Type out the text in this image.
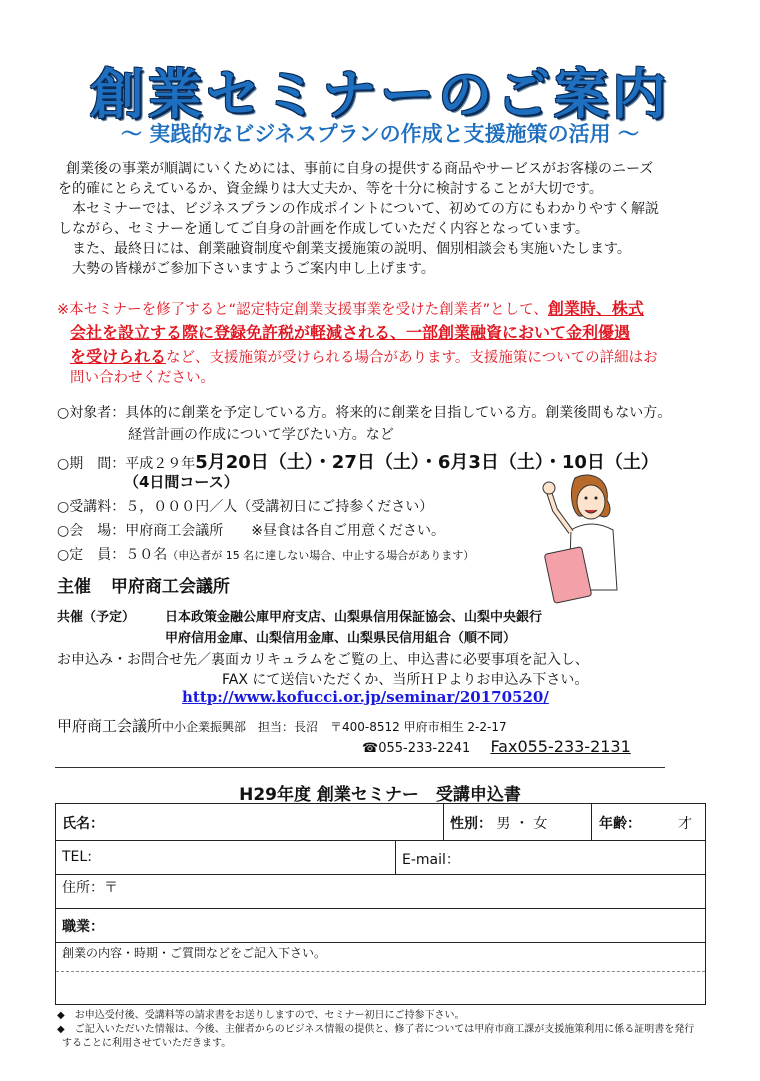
創業セミナーのご案内
～ 実践的なビジネスプランの作成と支援施策の活用 ～
創業後の事業が順調にいくためには、事前に自身の提供する商品やサービスがお客様のニーズ
を的確にとらえているか、資金繰りは大丈夫か、等を十分に検討することが大切です。
本セミナーでは、ビジネスプランの作成ポイントについて、初めての方にもわかりやすく解説
しながら、セミナーを通してご自身の計画を作成していただく内容となっています。
また、最終日には、創業融資制度や創業支援施策の説明、個別相談会も実施いたします。
大勢の皆様がご参加下さいますようご案内申し上げます。
※本セミナーを修了すると“認定特定創業支援事業を受けた創業者”として、創業時、株式
会社を設立する際に登録免許税が軽減される、一部創業融資において金利優遇
を受けられるなど、支援施策が受けられる場合があります。支援施策についての詳細はお
問い合わせください。
○対象者：具体的に創業を予定している方。将来的に創業を目指している方。創業後間もない方。
経営計画の作成について学びたい方。など
○期　間：平成２９年5月20日（土）・27日（土）・6月3日（土）・10日（土）
（4日間コース）
○受講料：５，０００円／人（受講初日にご持参ください）
○会　場：甲府商工会議所 ※昼食は各自ご用意ください。
○定　員：５０名（申込者が 15 名に達しない場合、中止する場合があります）
主催 甲府商工会議所
共催（予定） 日本政策金融公庫甲府支店、山梨県信用保証協会、山梨中央銀行
甲府信用金庫、山梨信用金庫、山梨県民信用組合（順不同）
お申込み・お問合せ先／裏面カリキュラムをご覧の上、申込書に必要事項を記入し、
FAX にて送信いただくか、当所ＨＰよりお申込み下さい。
http://www.kofucci.or.jp/seminar/20170520/
甲府商工会議所中小企業振興部　担当：長沼　〒400-8512 甲府市相生 2-2-17
☎055-233-2241 Fax055-233-2131
H29年度 創業セミナー　受講申込書
氏名：	性別： 男 ・ 女	年齢：	才
TEL:	E-mail：
住所：〒
職業：
創業の内容・時期・ご質問などをご記入下さい。
◆　お申込受付後、受講料等の請求書をお送りしますので、セミナー初日にご持参下さい。
◆　ご記入いただいた情報は、今後、主催者からのビジネス情報の提供と、修了者については甲府市商工課が支援施策利用に係る証明書を発行
することに利用させていただきます。
